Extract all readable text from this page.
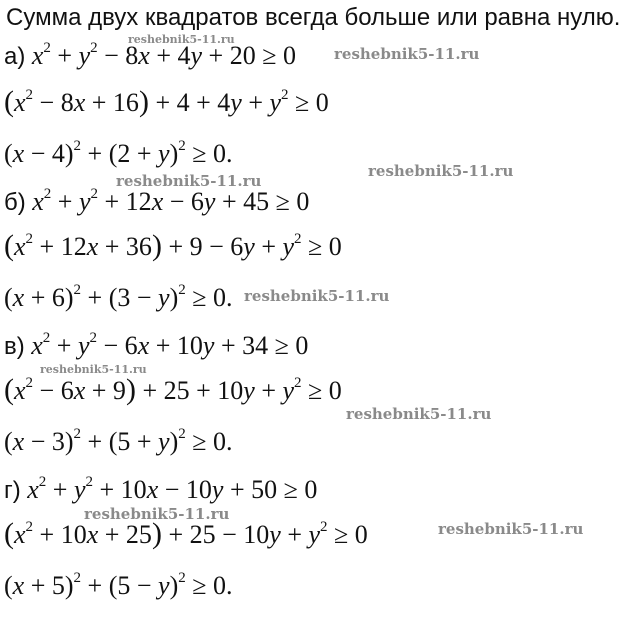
Сумма двух квадратов всегда больше или равна нулю.
а) $x^2 + y^2 - 8x + 4y + 20 \ge 0$
$(x^2 - 8x + 16) + 4 + 4y + y^2 \ge 0$
$(x - 4)^2 + (2 + y)^2 \ge 0$.
б) $x^2 + y^2 + 12x - 6y + 45 \ge 0$
$(x^2 + 12x + 36) + 9 - 6y + y^2 \ge 0$
$(x + 6)^2 + (3 - y)^2 \ge 0$.
в) $x^2 + y^2 - 6x + 10y + 34 \ge 0$
$(x^2 - 6x + 9) + 25 + 10y + y^2 \ge 0$
$(x - 3)^2 + (5 + y)^2 \ge 0$.
г) $x^2 + y^2 + 10x - 10y + 50 \ge 0$
$(x^2 + 10x + 25) + 25 - 10y + y^2 \ge 0$
$(x + 5)^2 + (5 - y)^2 \ge 0$.
reshebnik5-11.ru
reshebnik5-11.ru
reshebnik5-11.ru
reshebnik5-11.ru
reshebnik5-11.ru
reshebnik5-11.ru
reshebnik5-11.ru
reshebnik5-11.ru
reshebnik5-11.ru
